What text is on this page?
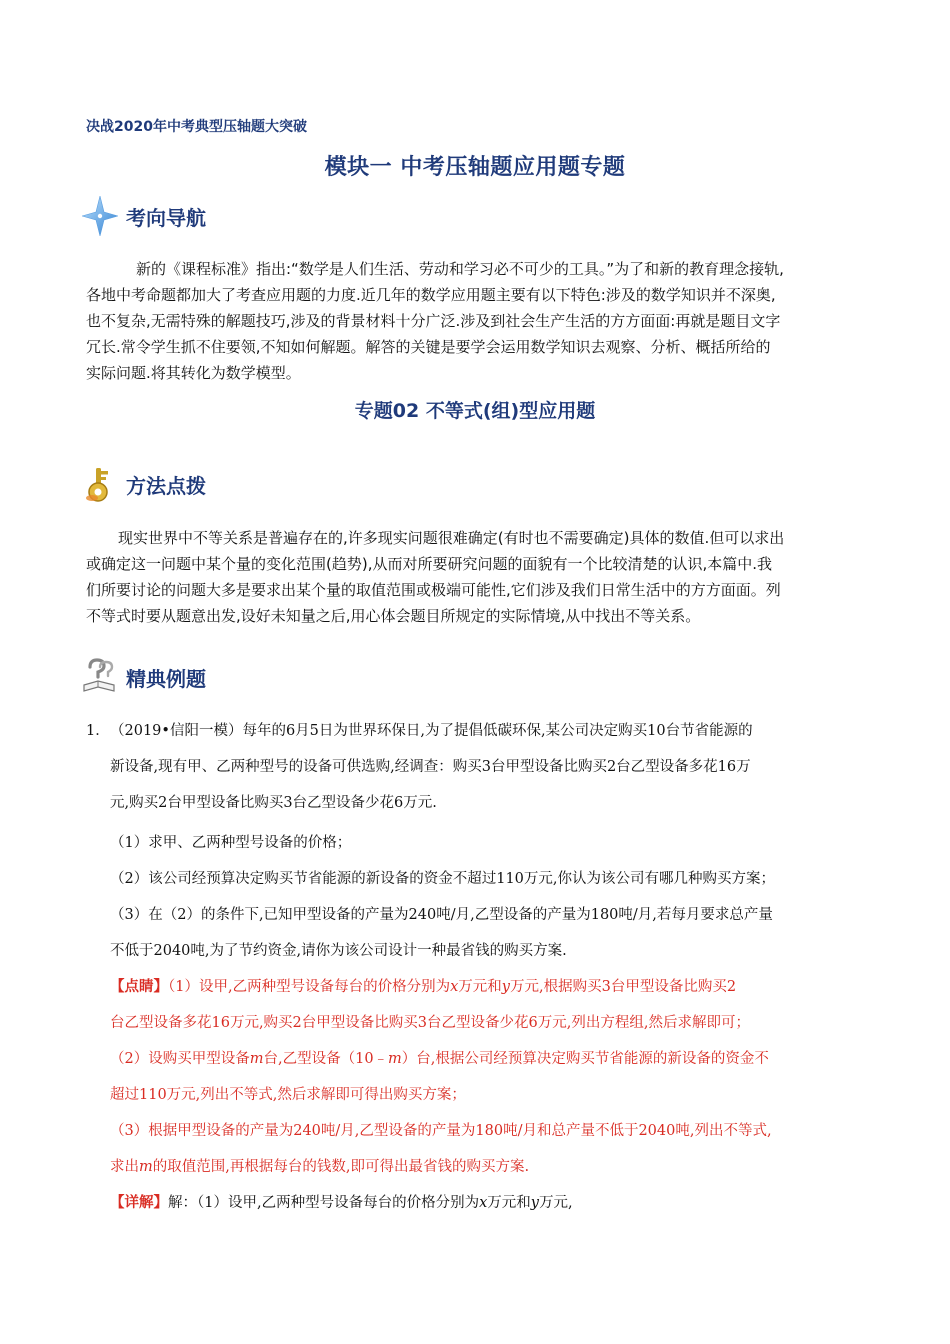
决战2020年中考典型压轴题大突破
模块一 中考压轴题应用题专题
考向导航
新的《课程标准》指出:“数学是人们生活、劳动和学习必不可少的工具。”为了和新的教育理念接轨,
各地中考命题都加大了考查应用题的力度.近几年的数学应用题主要有以下特色:涉及的数学知识并不深奥,
也不复杂,无需特殊的解题技巧,涉及的背景材料十分广泛.涉及到社会生产生活的方方面面:再就是题目文字
冗长.常令学生抓不住要领,不知如何解题。解答的关键是要学会运用数学知识去观察、分析、概括所给的
实际问题.将其转化为数学模型。
专题02 不等式(组)型应用题
方法点拨
现实世界中不等关系是普遍存在的,许多现实问题很难确定(有时也不需要确定)具体的数值.但可以求出
或确定这一问题中某个量的变化范围(趋势),从而对所要研究问题的面貌有一个比较清楚的认识,本篇中.我
们所要讨论的问题大多是要求出某个量的取值范围或极端可能性,它们涉及我们日常生活中的方方面面。列
不等式时要从题意出发,设好未知量之后,用心体会题目所规定的实际情境,从中找出不等关系。
精典例题
1． （2019•信阳一模）每年的6月5日为世界环保日,为了提倡低碳环保,某公司决定购买10台节省能源的
新设备,现有甲、乙两种型号的设备可供选购,经调查：购买3台甲型设备比购买2台乙型设备多花16万
元,购买2台甲型设备比购买3台乙型设备少花6万元.
（1）求甲、乙两种型号设备的价格；
（2）该公司经预算决定购买节省能源的新设备的资金不超过110万元,你认为该公司有哪几种购买方案；
（3）在（2）的条件下,已知甲型设备的产量为240吨/月,乙型设备的产量为180吨/月,若每月要求总产量
不低于2040吨,为了节约资金,请你为该公司设计一种最省钱的购买方案.
【点睛】（1）设甲,乙两种型号设备每台的价格分别为x万元和y万元,根据购买3台甲型设备比购买2
台乙型设备多花16万元,购买2台甲型设备比购买3台乙型设备少花6万元,列出方程组,然后求解即可；
（2）设购买甲型设备m台,乙型设备（10﹣m）台,根据公司经预算决定购买节省能源的新设备的资金不
超过110万元,列出不等式,然后求解即可得出购买方案；
（3）根据甲型设备的产量为240吨/月,乙型设备的产量为180吨/月和总产量不低于2040吨,列出不等式,
求出m的取值范围,再根据每台的钱数,即可得出最省钱的购买方案.
【详解】解：（1）设甲,乙两种型号设备每台的价格分别为x万元和y万元,
